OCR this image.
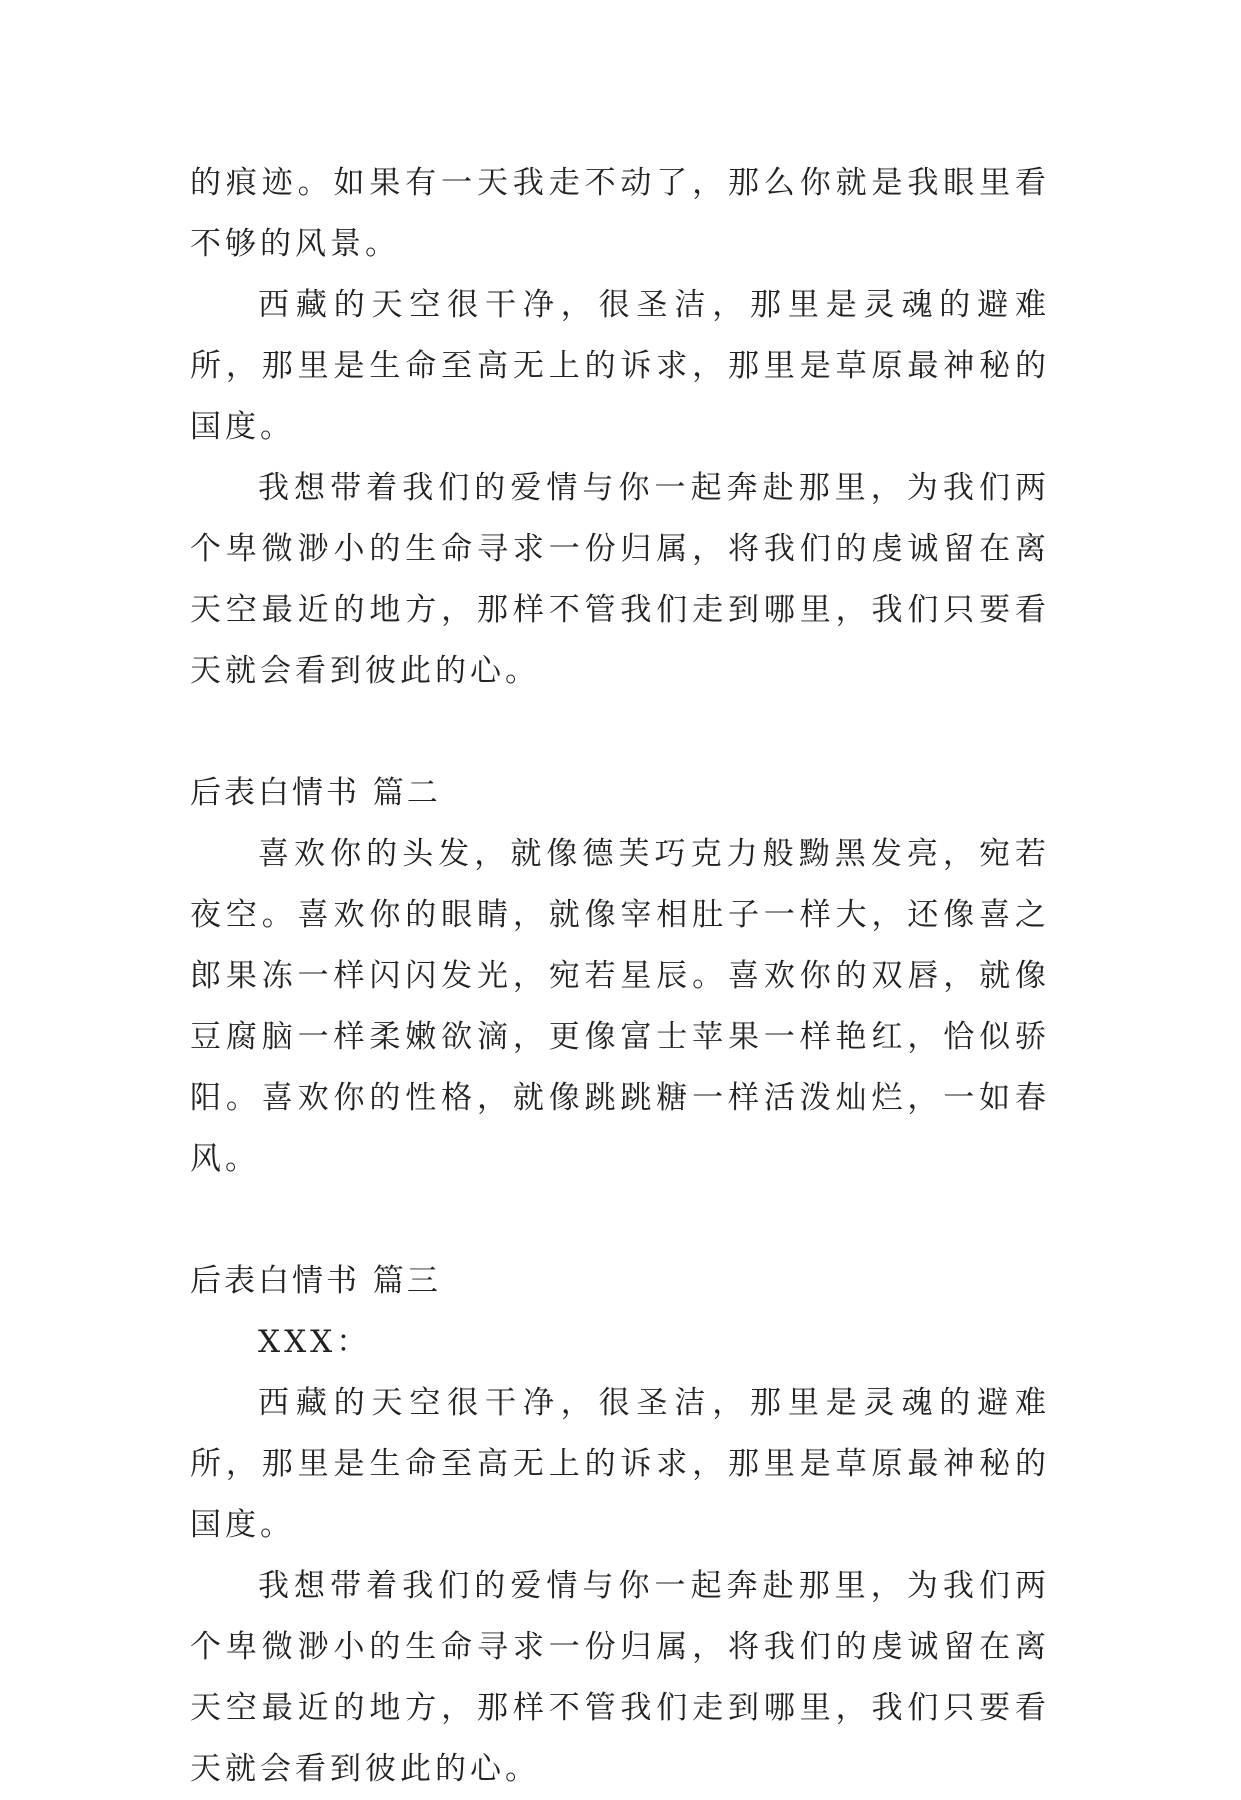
的痕迹。如果有一天我走不动了，那么你就是我眼里看不够的风景。

西藏的天空很干净，很圣洁，那里是灵魂的避难所，那里是生命至高无上的诉求，那里是草原最神秘的国度。

我想带着我们的爱情与你一起奔赴那里，为我们两个卑微渺小的生命寻求一份归属，将我们的虔诚留在离天空最近的地方，那样不管我们走到哪里，我们只要看天就会看到彼此的心。

后表白情书 篇二

喜欢你的头发，就像德芙巧克力般黝黑发亮，宛若夜空。喜欢你的眼睛，就像宰相肚子一样大，还像喜之郎果冻一样闪闪发光，宛若星辰。喜欢你的双唇，就像豆腐脑一样柔嫩欲滴，更像富士苹果一样艳红，恰似骄阳。喜欢你的性格，就像跳跳糖一样活泼灿烂，一如春风。

后表白情书 篇三

XXX：

西藏的天空很干净，很圣洁，那里是灵魂的避难所，那里是生命至高无上的诉求，那里是草原最神秘的国度。

我想带着我们的爱情与你一起奔赴那里，为我们两个卑微渺小的生命寻求一份归属，将我们的虔诚留在离天空最近的地方，那样不管我们走到哪里，我们只要看天就会看到彼此的心。
